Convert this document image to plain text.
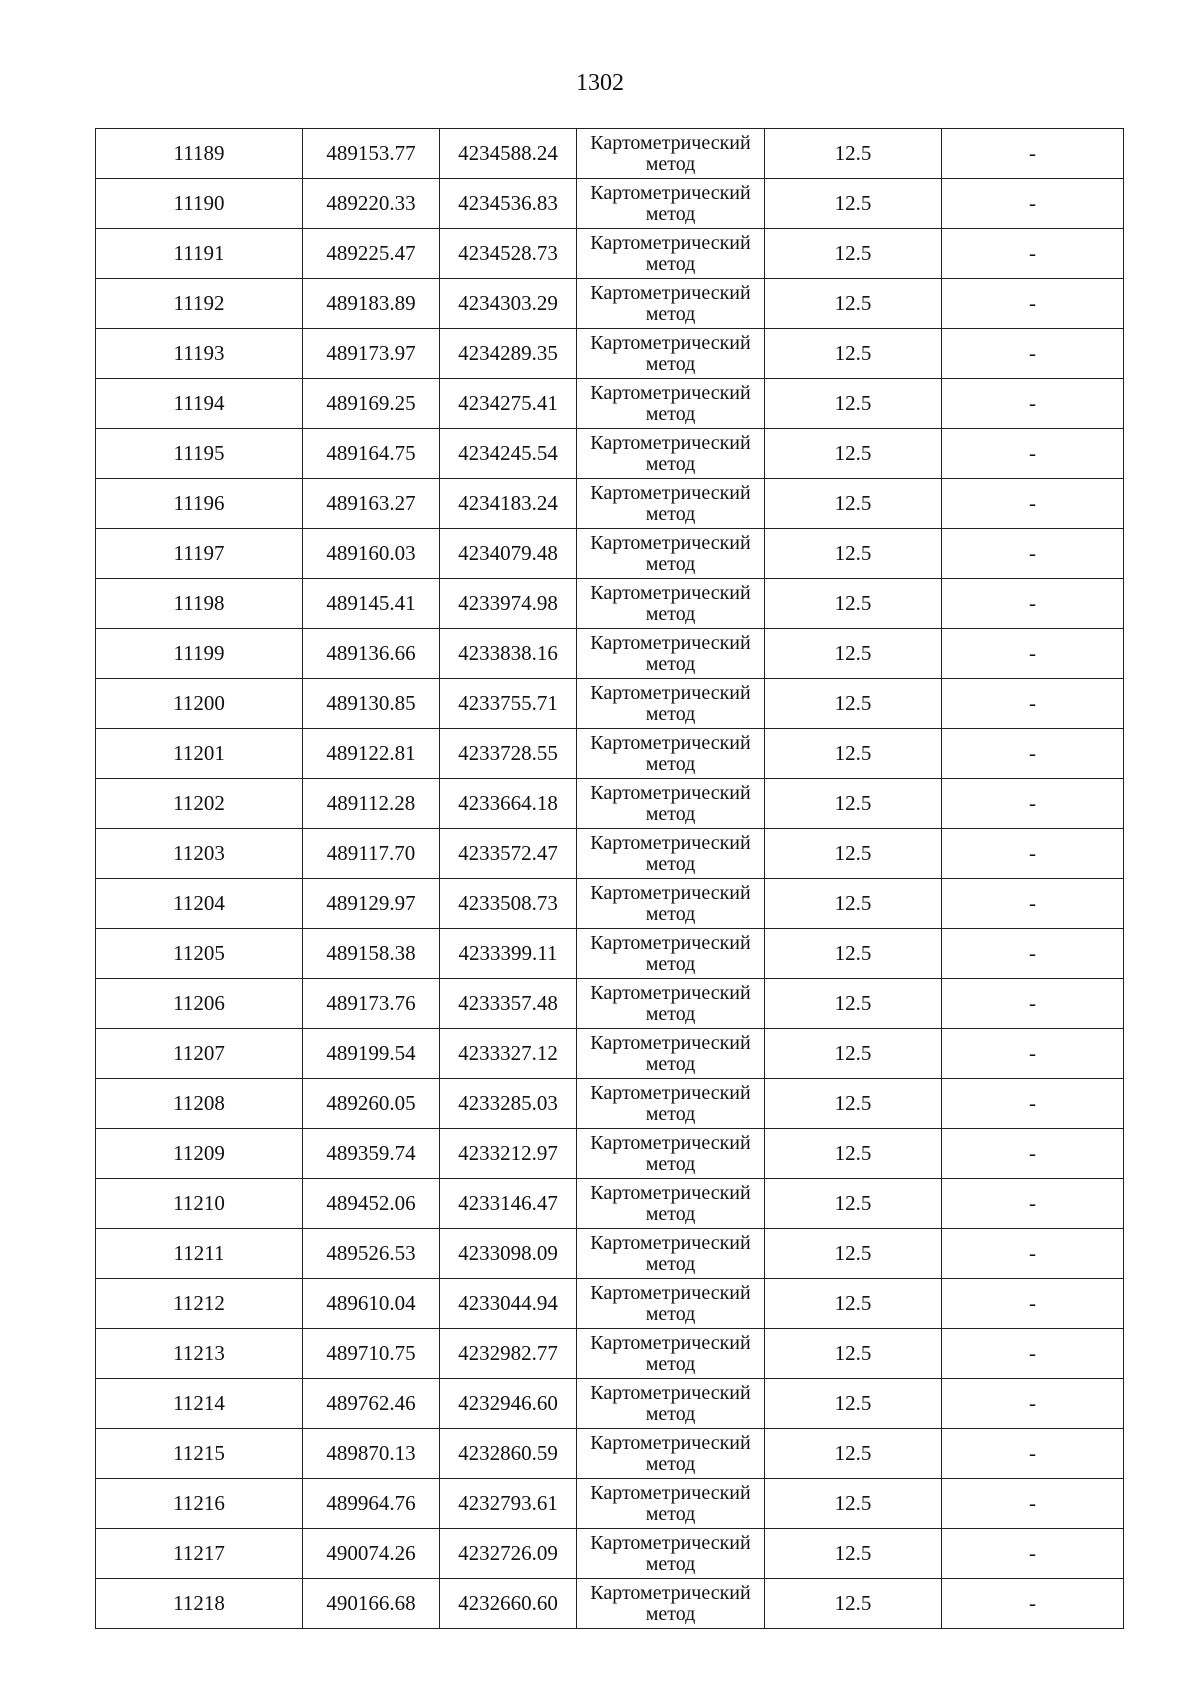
1302
11189	489153.77	4234588.24	Картометрический метод	12.5	-
11190	489220.33	4234536.83	Картометрический метод	12.5	-
11191	489225.47	4234528.73	Картометрический метод	12.5	-
11192	489183.89	4234303.29	Картометрический метод	12.5	-
11193	489173.97	4234289.35	Картометрический метод	12.5	-
11194	489169.25	4234275.41	Картометрический метод	12.5	-
11195	489164.75	4234245.54	Картометрический метод	12.5	-
11196	489163.27	4234183.24	Картометрический метод	12.5	-
11197	489160.03	4234079.48	Картометрический метод	12.5	-
11198	489145.41	4233974.98	Картометрический метод	12.5	-
11199	489136.66	4233838.16	Картометрический метод	12.5	-
11200	489130.85	4233755.71	Картометрический метод	12.5	-
11201	489122.81	4233728.55	Картометрический метод	12.5	-
11202	489112.28	4233664.18	Картометрический метод	12.5	-
11203	489117.70	4233572.47	Картометрический метод	12.5	-
11204	489129.97	4233508.73	Картометрический метод	12.5	-
11205	489158.38	4233399.11	Картометрический метод	12.5	-
11206	489173.76	4233357.48	Картометрический метод	12.5	-
11207	489199.54	4233327.12	Картометрический метод	12.5	-
11208	489260.05	4233285.03	Картометрический метод	12.5	-
11209	489359.74	4233212.97	Картометрический метод	12.5	-
11210	489452.06	4233146.47	Картометрический метод	12.5	-
11211	489526.53	4233098.09	Картометрический метод	12.5	-
11212	489610.04	4233044.94	Картометрический метод	12.5	-
11213	489710.75	4232982.77	Картометрический метод	12.5	-
11214	489762.46	4232946.60	Картометрический метод	12.5	-
11215	489870.13	4232860.59	Картометрический метод	12.5	-
11216	489964.76	4232793.61	Картометрический метод	12.5	-
11217	490074.26	4232726.09	Картометрический метод	12.5	-
11218	490166.68	4232660.60	Картометрический метод	12.5	-
